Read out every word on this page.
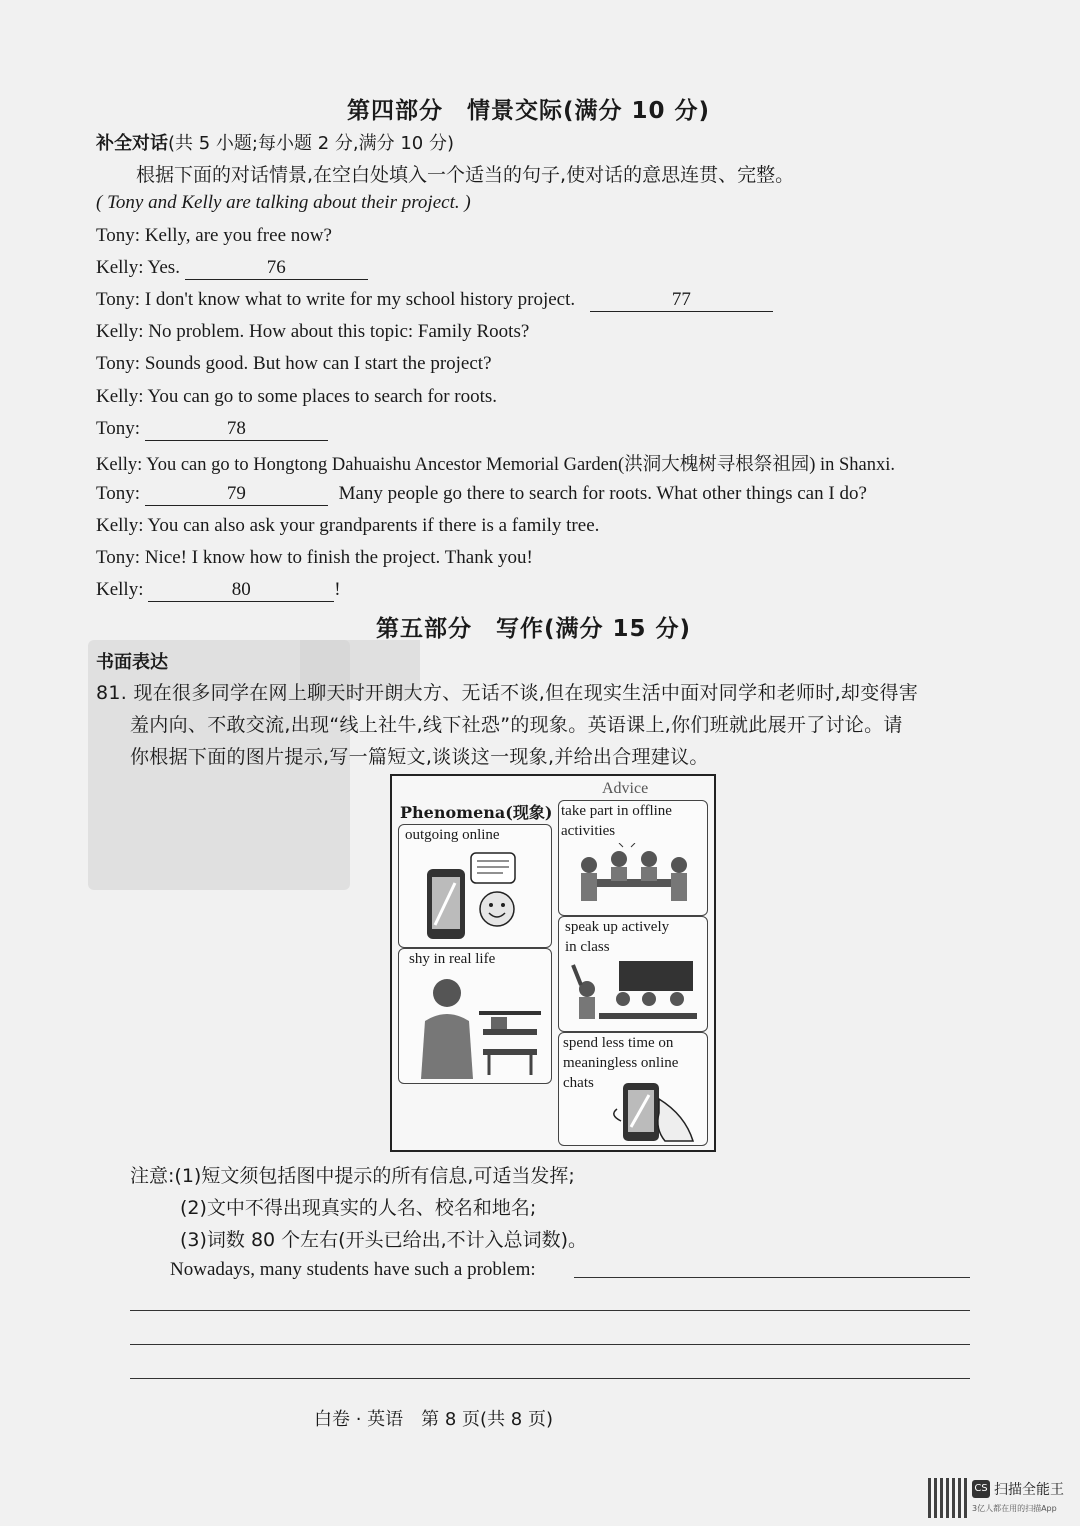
第四部分　情景交际(满分 10 分)
补全对话(共 5 小题;每小题 2 分,满分 10 分)
根据下面的对话情景,在空白处填入一个适当的句子,使对话的意思连贯、完整。
( Tony and Kelly are talking about their project. )
Tony: Kelly, are you free now?
Kelly: Yes.	76
Tony: I don't know what to write for my school history project.	77
Kelly: No problem. How about this topic: Family Roots?
Tony: Sounds good. But how can I start the project?
Kelly: You can go to some places to search for roots.
Tony:	78
Kelly: You can go to Hongtong Dahuaishu Ancestor Memorial Garden(洪洞大槐树寻根祭祖园) in Shanxi.
Tony:	79	Many people go there to search for roots. What other things can I do?
Kelly: You can also ask your grandparents if there is a family tree.
Tony: Nice! I know how to finish the project. Thank you!
Kelly:	80	!
第五部分　写作(满分 15 分)
书面表达
81. 现在很多同学在网上聊天时开朗大方、无话不谈,但在现实生活中面对同学和老师时,却变得害
羞内向、不敢交流,出现“线上社牛,线下社恐”的现象。英语课上,你们班就此展开了讨论。请
你根据下面的图片提示,写一篇短文,谈谈这一现象,并给出合理建议。
Phenomena(现象)
outgoing online
shy in real life
Advice
take part in offline
activities
speak up actively
in class
spend less time on
meaningless online
chats
注意:(1)短文须包括图中提示的所有信息,可适当发挥;
(2)文中不得出现真实的人名、校名和地名;
(3)词数 80 个左右(开头已给出,不计入总词数)。
Nowadays, many students have such a problem:
白卷 · 英语　第 8 页(共 8 页)
CS 扫描全能王
3亿人都在用的扫描App
